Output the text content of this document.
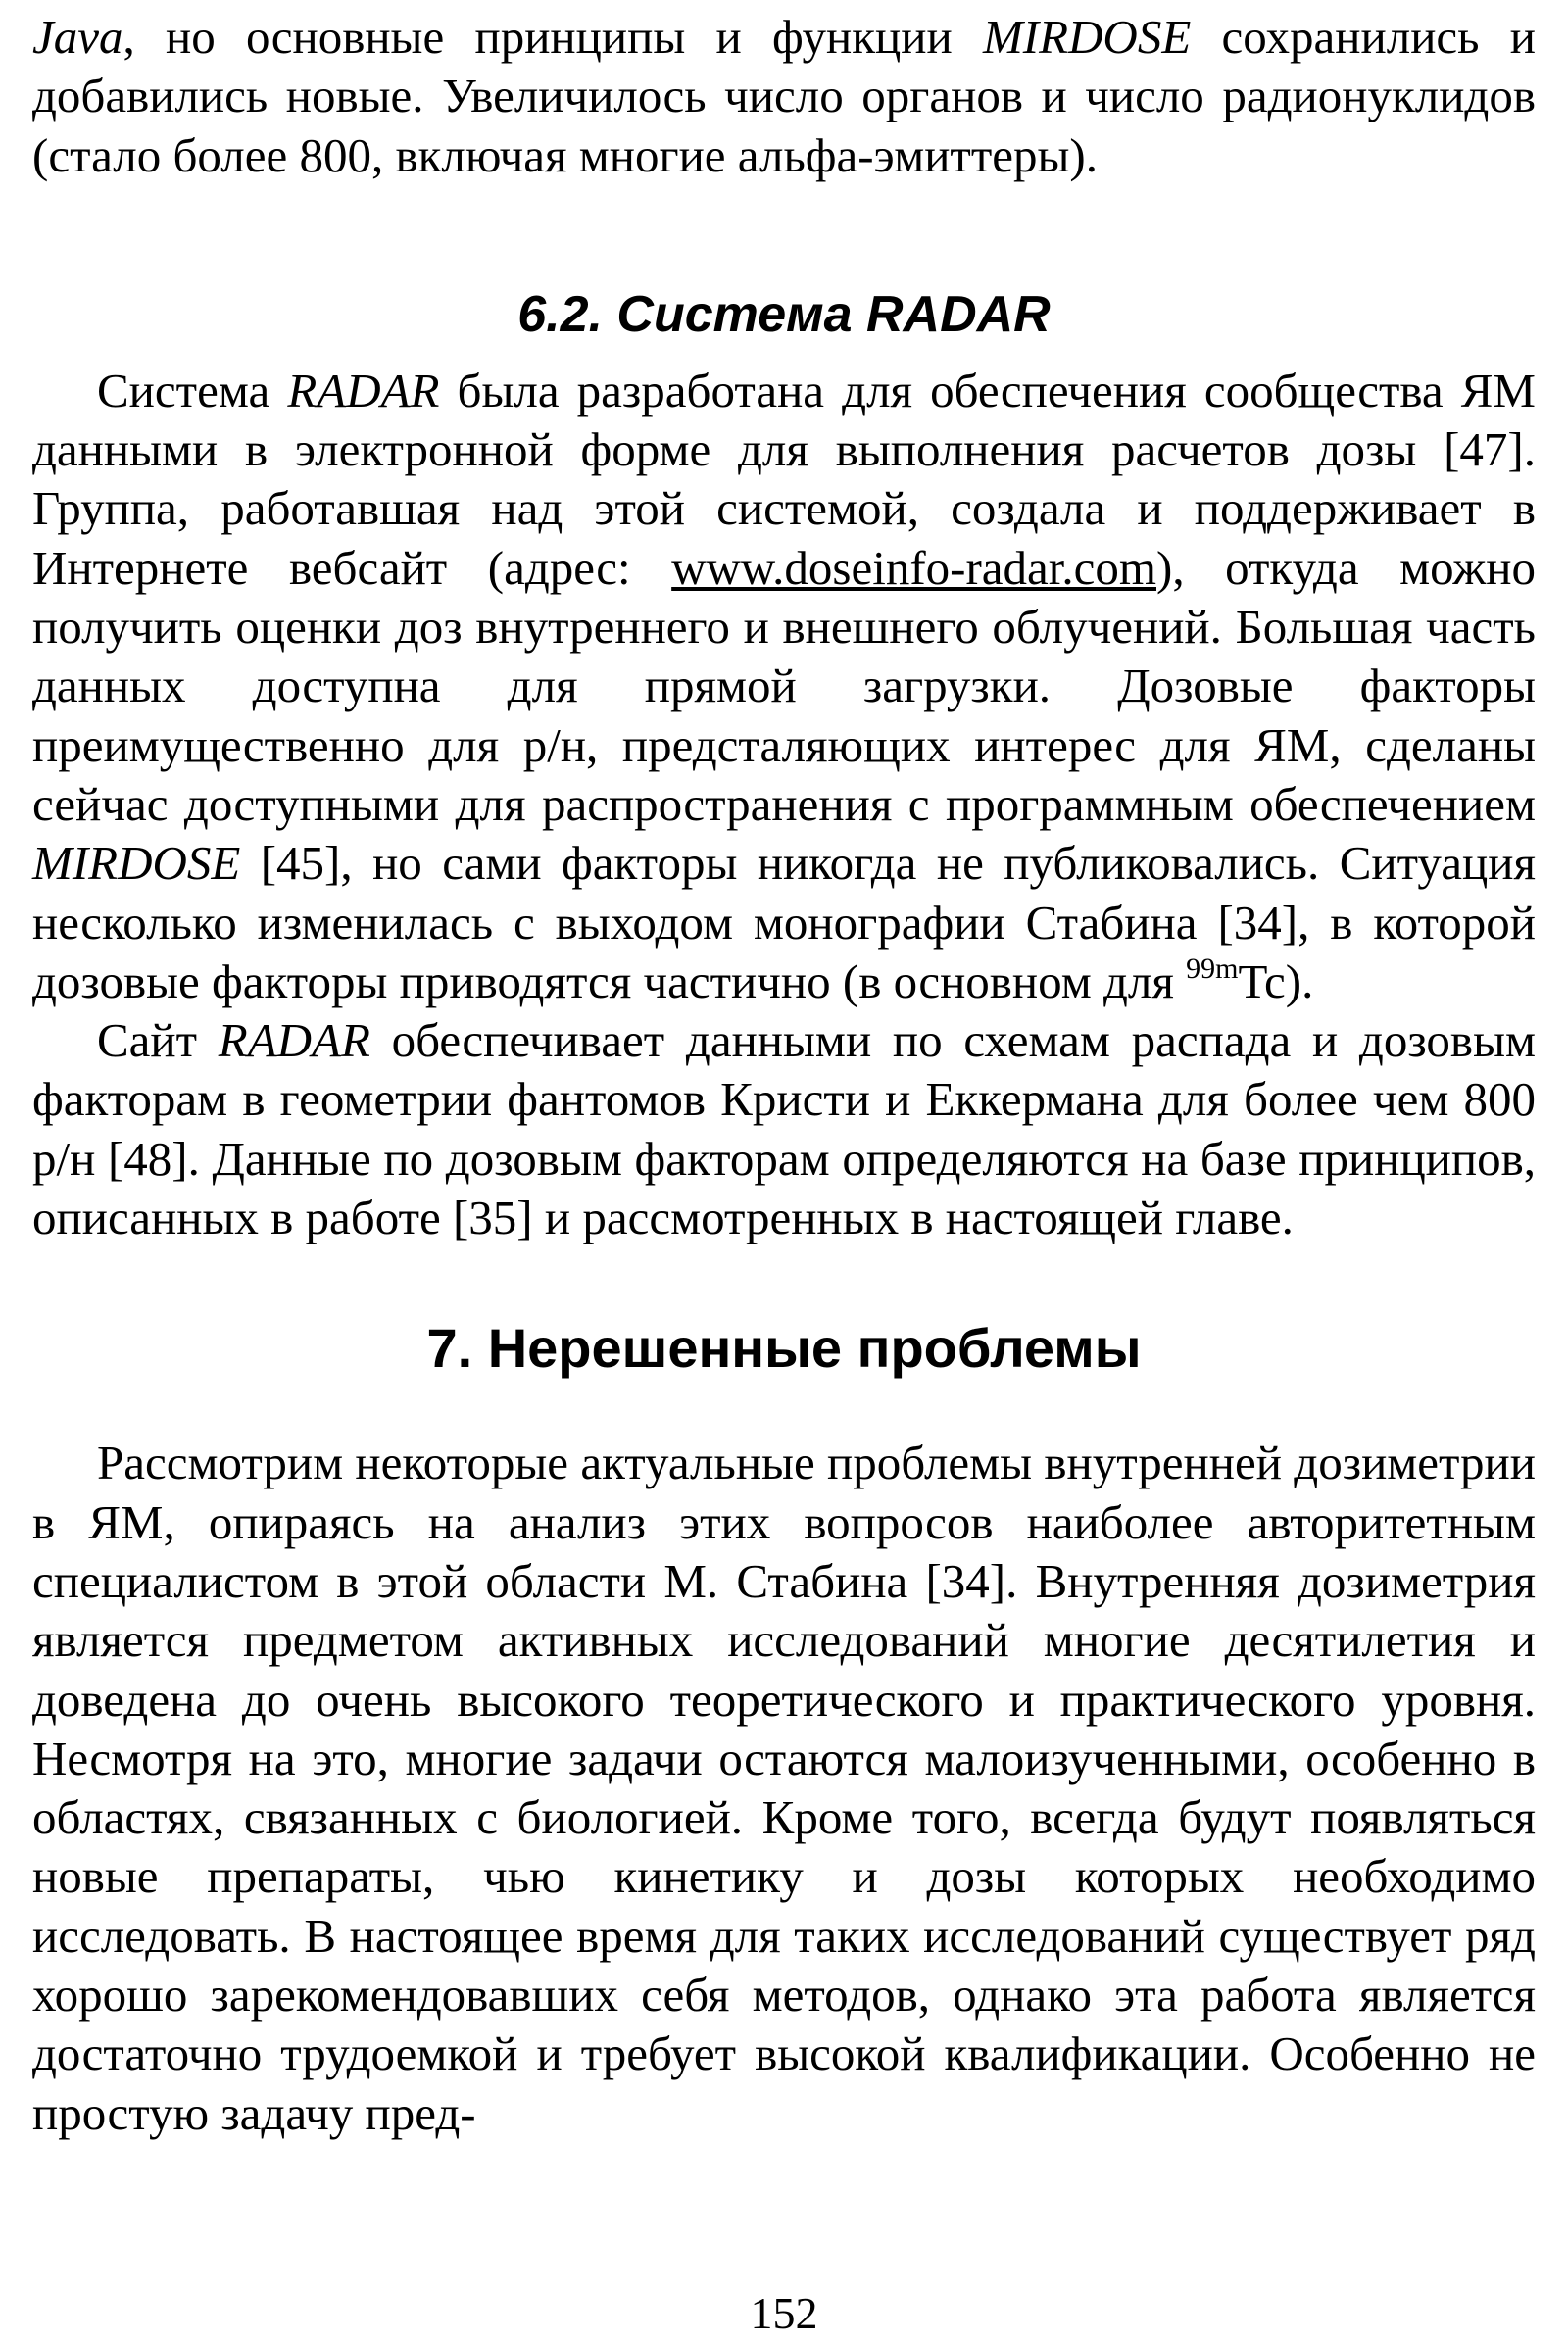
Java, но основные принципы и функции MIRDOSE сохранились и добавились новые. Увеличилось число органов и число радионуклидов (стало более 800, включая многие альфа-эмиттеры).

6.2. Система RADAR

Система RADAR была разработана для обеспечения сообщества ЯМ данными в электронной форме для выполнения расчетов дозы [47]. Группа, работавшая над этой системой, создала и поддерживает в Интернете вебсайт (адрес: www.doseinfo-radar.com), откуда можно получить оценки доз внутреннего и внешнего облучений. Большая часть данных доступна для прямой загрузки. Дозовые факторы преимущественно для р/н, предсталяющих интерес для ЯМ, сделаны сейчас доступными для распространения с программным обеспечением MIRDOSE [45], но сами факторы никогда не публиковались. Ситуация несколько изменилась с выходом монографии Стабина [34], в которой дозовые факторы приводятся частично (в основном для $^{99m}$Tc).

Сайт RADAR обеспечивает данными по схемам распада и дозовым факторам в геометрии фантомов Кристи и Еккермана для более чем 800 р/н [48]. Данные по дозовым факторам определяются на базе принципов, описанных в работе [35] и рассмотренных в настоящей главе.

7. Нерешенные проблемы

Рассмотрим некоторые актуальные проблемы внутренней дозиметрии в ЯМ, опираясь на анализ этих вопросов наиболее авторитетным специалистом в этой области М. Стабина [34]. Внутренняя дозиметрия является предметом активных исследований многие десятилетия и доведена до очень высокого теоретического и практического уровня. Несмотря на это, многие задачи остаются малоизученными, особенно в областях, связанных с биологией. Кроме того, всегда будут появляться новые препараты, чью кинетику и дозы которых необходимо исследовать. В настоящее время для таких исследований существует ряд хорошо зарекомендовавших себя методов, однако эта работа является достаточно трудоемкой и требует высокой квалификации. Особенно не простую задачу пред-

152
